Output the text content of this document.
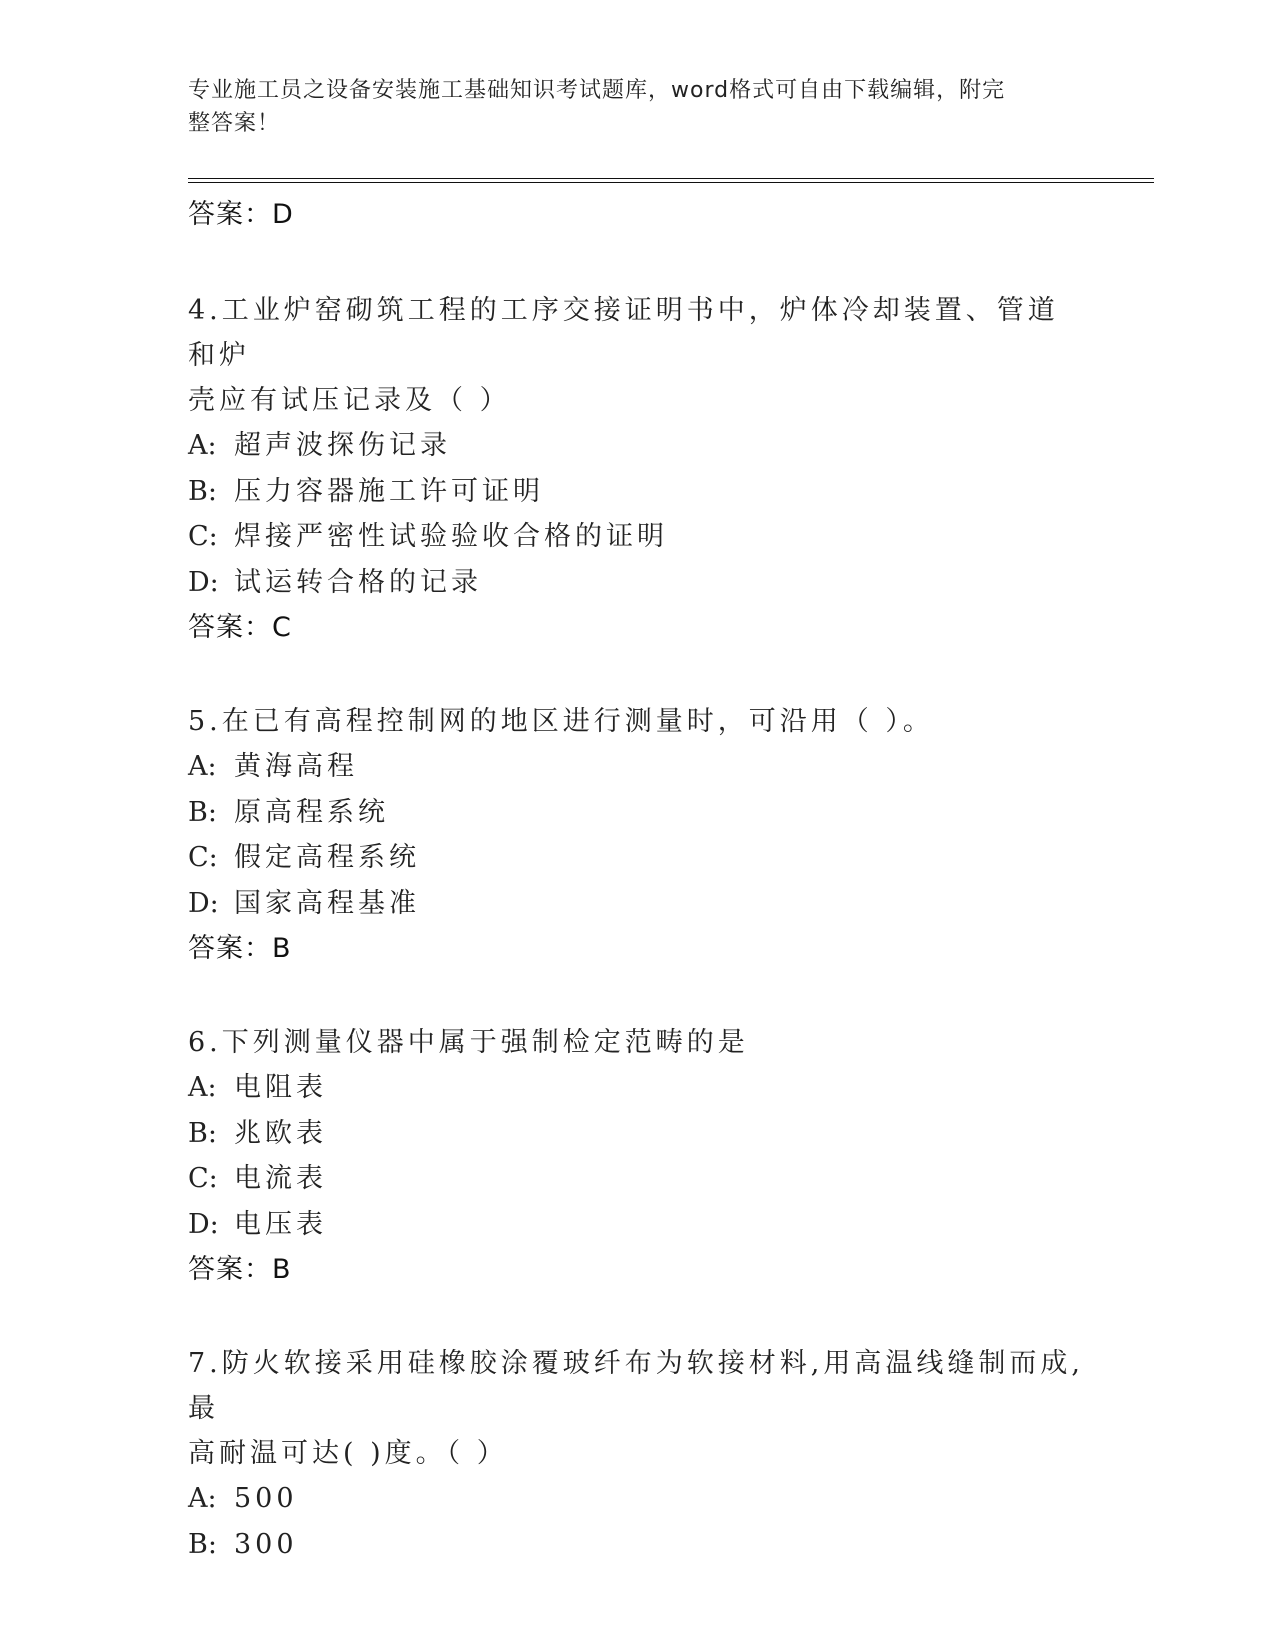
专业施工员之设备安装施工基础知识考试题库，word格式可自由下载编辑，附完
整答案！
答案：D
4.工业炉窑砌筑工程的工序交接证明书中，炉体冷却装置、管道和炉
壳应有试压记录及（ ）
A: 超声波探伤记录
B: 压力容器施工许可证明
C: 焊接严密性试验验收合格的证明
D: 试运转合格的记录
答案：C
5.在已有高程控制网的地区进行测量时，可沿用（ ）。
A: 黄海高程
B: 原高程系统
C: 假定高程系统
D: 国家高程基准
答案：B
6.下列测量仪器中属于强制检定范畴的是
A: 电阻表
B: 兆欧表
C: 电流表
D: 电压表
答案：B
7.防火软接采用硅橡胶涂覆玻纤布为软接材料,用高温线缝制而成,最
高耐温可达( )度。（ ）
A: 500
B: 300
